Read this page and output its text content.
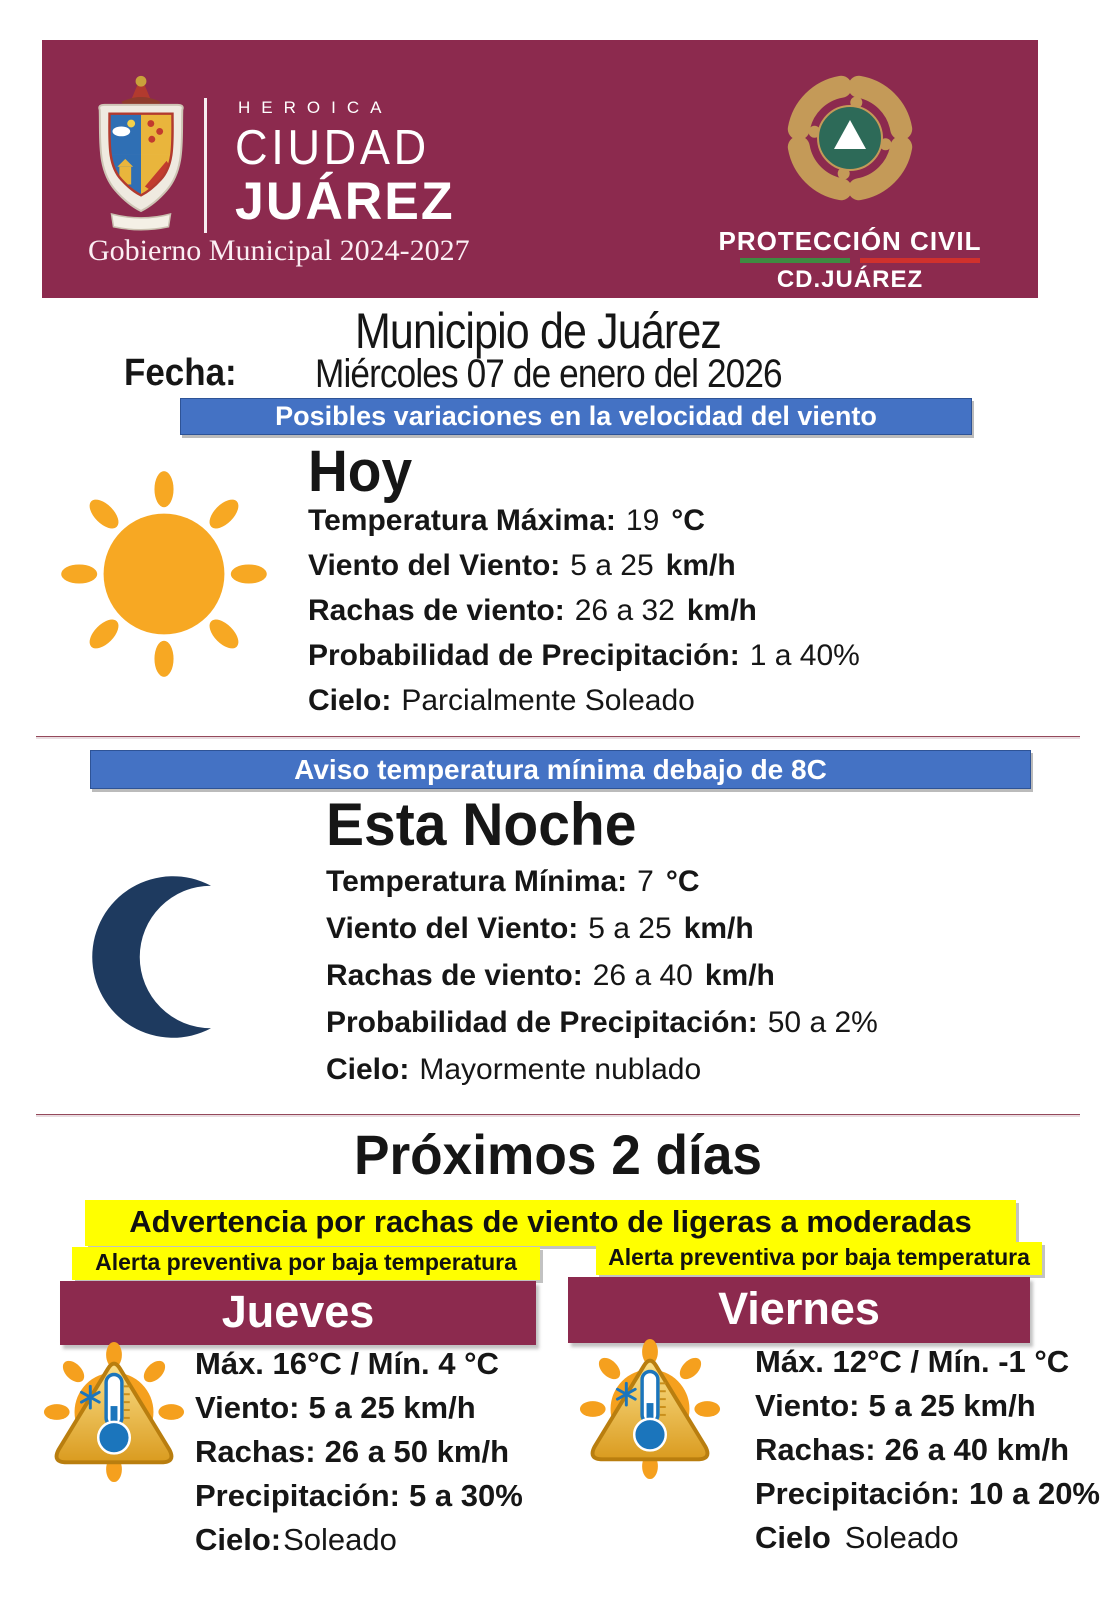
HEROICA
CIUDAD
JUÁREZ
Gobierno Municipal 2024-2027	PROTECCIÓN CIVIL
CD.JUÁREZ
Municipio de Juárez
Fecha: Miércoles 07 de enero del 2026
Posibles variaciones en la velocidad del viento
Hoy
Temperatura Máxima: 19 °C
Viento del Viento: 5 a 25 km/h
Rachas de viento: 26 a 32 km/h
Probabilidad de Precipitación: 1 a 40%
Cielo: Parcialmente Soleado
Aviso temperatura mínima debajo de 8C
Esta Noche
Temperatura Mínima: 7 °C
Viento del Viento: 5 a 25 km/h
Rachas de viento: 26 a 40 km/h
Probabilidad de Precipitación: 50 a 2%
Cielo: Mayormente nublado
Próximos 2 días
Advertencia por rachas de viento de ligeras a moderadas
Alerta preventiva por baja temperatura	Alerta preventiva por baja temperatura
Jueves	Viernes
Máx. 16°C / Mín. 4 °C
Viento: 5 a 25 km/h
Rachas: 26 a 50 km/h
Precipitación: 5 a 30%
Cielo:Soleado
Máx. 12°C / Mín. -1 °C
Viento: 5 a 25 km/h
Rachas: 26 a 40 km/h
Precipitación: 10 a 20%
Cielo Soleado
